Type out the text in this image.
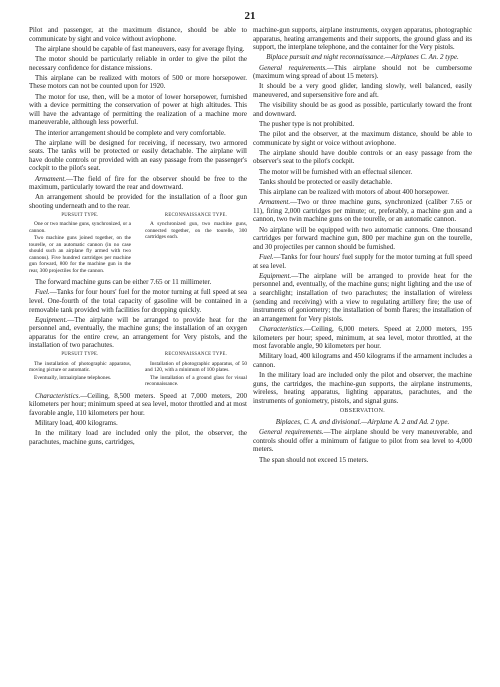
21

Pilot and passenger, at the maximum distance, should be able to communicate by sight and voice without aviophone.

The airplane should be capable of fast maneuvers, easy for average flying.

The motor should be particularly reliable in order to give the pilot the necessary confidence for distance missions.

This airplane can be realized with motors of 500 or more horsepower. These motors can not be counted upon for 1920.

The motor for use, then, will be a motor of lower horsepower, furnished with a device permitting the conservation of power at high altitudes. This will have the advantage of permitting the realization of a machine more maneuverable, although less powerful.

The interior arrangement should be complete and very comfortable.

The airplane will be designed for receiving, if necessary, two armored seats. The tanks will be protected or easily detachable. The airplane will have double controls or provided with an easy passage from the passenger's cockpit to the pilot's seat.

Armament.—The field of fire for the observer should be free to the maximum, particularly toward the rear and downward.

An arrangement should be provided for the installation of a floor gun shooting underneath and to the rear.

PURSUIT TYPE.

One or two machine guns, synchronized, or a cannon.

Two machine guns joined together, on the tourelle, or an automatic cannon (in no case should such an airplane fly armed with two cannons). Five hundred cartridges per machine gun forward, 800 for the machine gun in the rear, 300 projectiles for the cannon.

RECONNAISSANCE TYPE.

A synchronized gun, two machine guns, connected together, on the tourelle, 300 cartridges each.

The forward machine guns can be either 7.65 or 11 millimeter.

Fuel.—Tanks for four hours' fuel for the motor turning at full speed at sea level. One-fourth of the total capacity of gasoline will be contained in a removable tank provided with facilities for dropping quickly.

Equipment.—The airplane will be arranged to provide heat for the personnel and, eventually, the machine guns; the installation of an oxygen apparatus for the entire crew, an arrangement for Very pistols, and the installation of two parachutes.

PURSUIT TYPE.

The installation of photographic apparatus, moving picture or automatic.

Eventually, intraairplane telephones.

RECONNAISSANCE TYPE.

Installation of photographic apparatus, of 50 and 120, with a minimum of 100 plates.

The installation of a ground glass for visual reconnaissance.

Characteristics.—Ceiling, 8,500 meters. Speed at 7,000 meters, 200 kilometers per hour; minimum speed at sea level, motor throttled and at most favorable angle, 110 kilometers per hour.

Military load, 400 kilograms.

In the military load are included only the pilot, the observer, the parachutes, machine guns, cartridges,

machine-gun supports, airplane instruments, oxygen apparatus, photographic apparatus, heating arrangements and their supports, the ground glass and its support, the interplane telephone, and the container for the Very pistols.

Biplace pursuit and night reconnaissance.—Airplanes C. An. 2 type.

General requirements.—This airplane should not be cumbersome (maximum wing spread of about 15 meters).

It should be a very good glider, landing slowly, well balanced, easily maneuvered, and supersensitive fore and aft.

The visibility should be as good as possible, particularly toward the front and downward.

The pusher type is not prohibited.

The pilot and the observer, at the maximum distance, should be able to communicate by sight or voice without aviophone.

The airplane should have double controls or an easy passage from the observer's seat to the pilot's cockpit.

The motor will be furnished with an effectual silencer.

Tanks should be protected or easily detachable.

This airplane can be realized with motors of about 400 horsepower.

Armament.—Two or three machine guns, synchronized (caliber 7.65 or 11), firing 2,000 cartridges per minute; or, preferably, a machine gun and a cannon, two twin machine guns on the tourelle, or an automatic cannon.

No airplane will be equipped with two automatic cannons. One thousand cartridges per forward machine gun, 800 per machine gun on the tourelle, and 30 projectiles per cannon should be furnished.

Fuel.—Tanks for four hours' fuel supply for the motor turning at full speed at sea level.

Equipment.—The airplane will be arranged to provide heat for the personnel and, eventually, of the machine guns; night lighting and the use of a searchlight; installation of two parachutes; the installation of wireless (sending and receiving) with a view to regulating artillery fire; the use of instruments of goniometry; the installation of bomb flares; the installation of an arrangement for Very pistols.

Characteristics.—Ceiling, 6,000 meters. Speed at 2,000 meters, 195 kilometers per hour; speed, minimum, at sea level, motor throttled, at the most favorable angle, 90 kilometers per hour.

Military load, 400 kilograms and 450 kilograms if the armament includes a cannon.

In the military load are included only the pilot and observer, the machine guns, the cartridges, the machine-gun supports, the airplane instruments, wireless, heating apparatus, lighting apparatus, parachutes, and the instruments of goniometry, pistols, and signal guns.

OBSERVATION.

Biplaces, C. A. and divisional.—Airplane A. 2 and Ad. 2 type.

General requirements.—The airplane should be very maneuverable, and controls should offer a minimum of fatigue to pilot from sea level to 4,000 meters.

The span should not exceed 15 meters.
